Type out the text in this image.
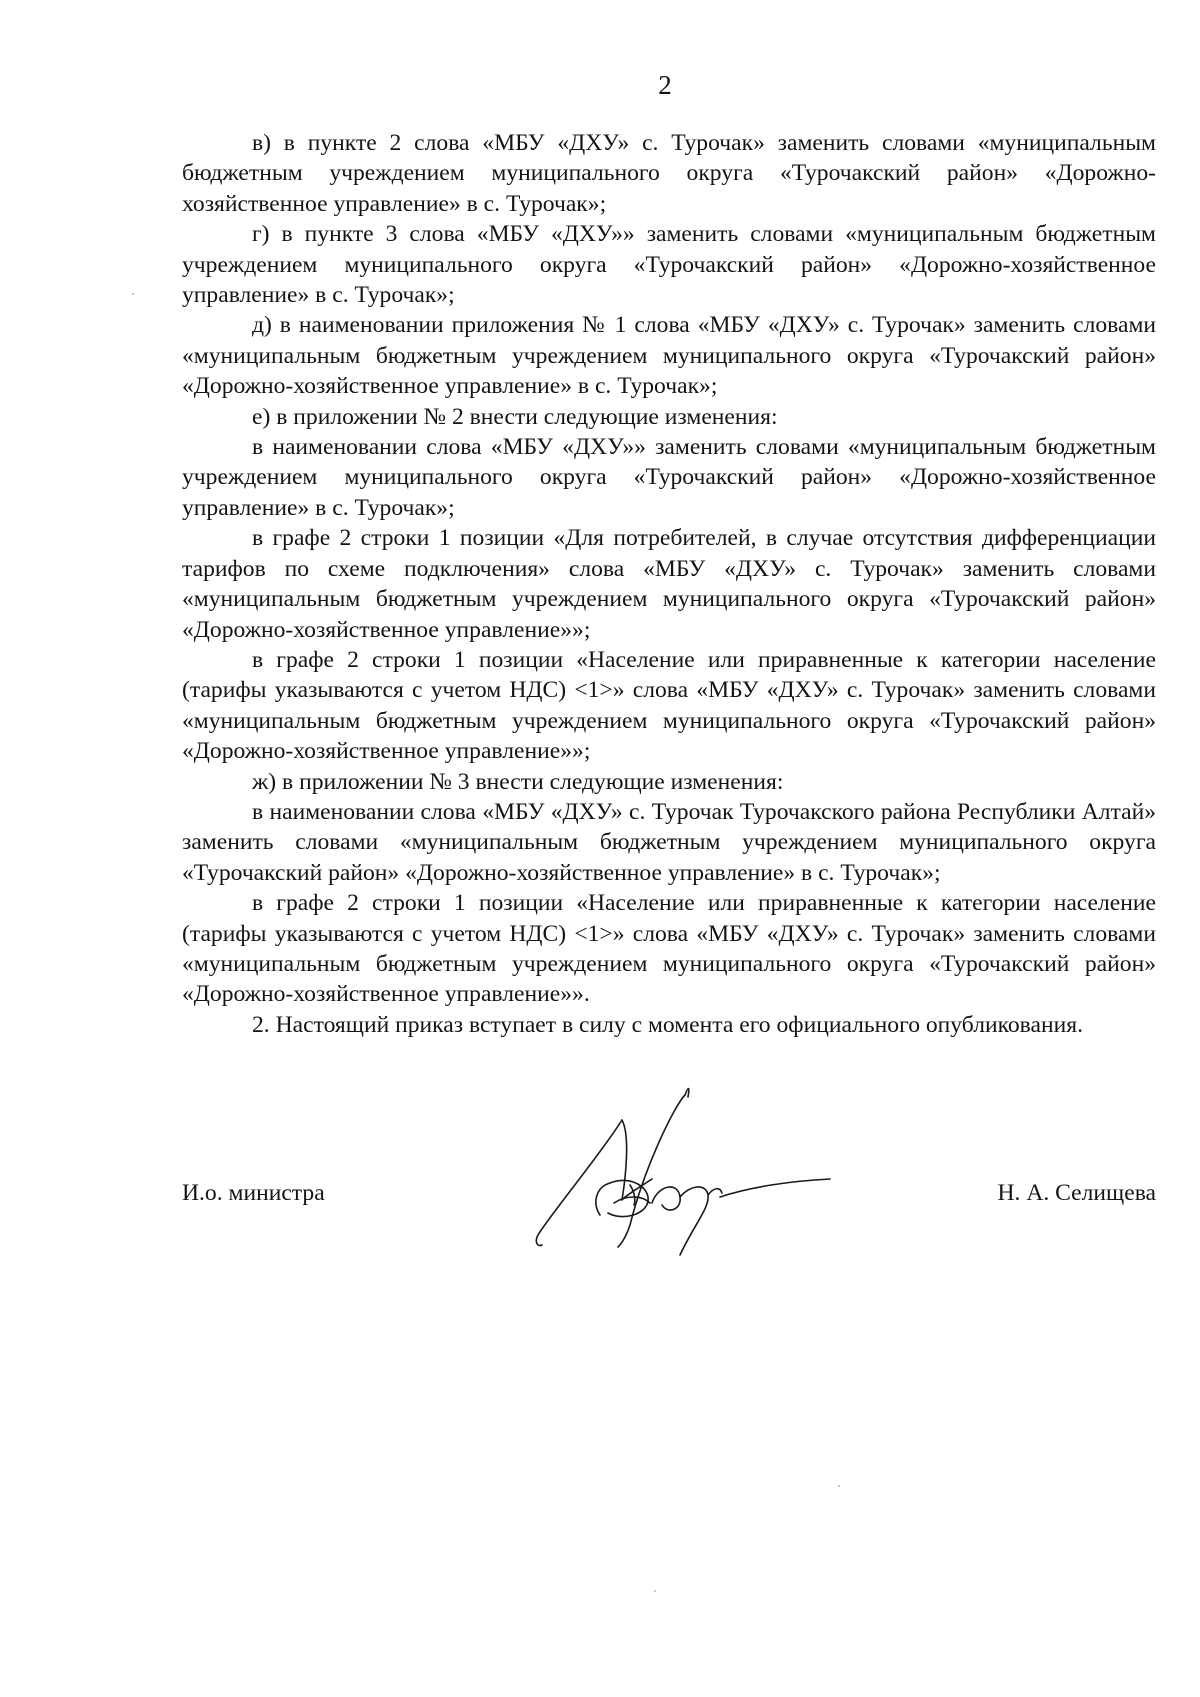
2

в) в пункте 2 слова «МБУ «ДХУ» с. Турочак» заменить словами «муниципальным бюджетным учреждением муниципального округа «Турочакский район» «Дорожно-хозяйственное управление» в с. Турочак»;

г) в пункте 3 слова «МБУ «ДХУ»» заменить словами «муниципальным бюджетным учреждением муниципального округа «Турочакский район» «Дорожно-хозяйственное управление» в с. Турочак»;

д) в наименовании приложения № 1 слова «МБУ «ДХУ» с. Турочак» заменить словами «муниципальным бюджетным учреждением муниципального округа «Турочакский район» «Дорожно-хозяйственное управление» в с. Турочак»;

е) в приложении № 2 внести следующие изменения:

в наименовании слова «МБУ «ДХУ»» заменить словами «муниципальным бюджетным учреждением муниципального округа «Турочакский район» «Дорожно-хозяйственное управление» в с. Турочак»;

в графе 2 строки 1 позиции «Для потребителей, в случае отсутствия дифференциации тарифов по схеме подключения» слова «МБУ «ДХУ» с. Турочак» заменить словами «муниципальным бюджетным учреждением муниципального округа «Турочакский район» «Дорожно-хозяйственное управление»»;

в графе 2 строки 1 позиции «Население или приравненные к категории население (тарифы указываются с учетом НДС) <1>» слова «МБУ «ДХУ» с. Турочак» заменить словами «муниципальным бюджетным учреждением муниципального округа «Турочакский район» «Дорожно-хозяйственное управление»»;

ж) в приложении № 3 внести следующие изменения:

в наименовании слова «МБУ «ДХУ» с. Турочак Турочакского района Республики Алтай» заменить словами «муниципальным бюджетным учреждением муниципального округа «Турочакский район» «Дорожно-хозяйственное управление» в с. Турочак»;

в графе 2 строки 1 позиции «Население или приравненные к категории население (тарифы указываются с учетом НДС) <1>» слова «МБУ «ДХУ» с. Турочак» заменить словами «муниципальным бюджетным учреждением муниципального округа «Турочакский район» «Дорожно-хозяйственное управление»».

2. Настоящий приказ вступает в силу с момента его официального опубликования.

И.о. министра	Н. А. Селищева
